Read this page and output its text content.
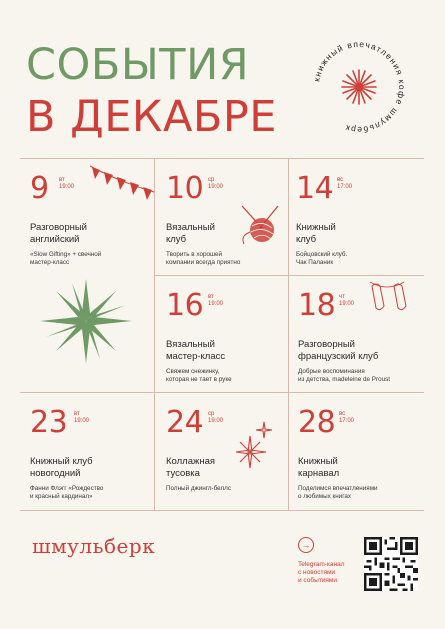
СОБЫТИЯ
В ДЕКАБРЕ
книжный впечатления кофе шмульберк
9 вт
19:00
Разговорный
английский
«Slow Gifting» + свечной
мастер-класс
10 ср
19:00
Вязальный
клуб
Творить в хорошей
компании всегда приятно
14 вс
17:00
Книжный
клуб
Бойцовский клуб.
Чак Паланик
16 вт
19:00
Вязальный
мастер-класс
Свяжем снежинку,
которая не тает в руке
18 чт
19:00
Разговорный
французский клуб
Добрые воспоминания
из детства, madeleine de Proust
23 вт
19:00
Книжный клуб
новогодний
Фанни Флэгг «Рождество
и красный кардинал»
24 ср
19:00
Коллажная
тусовка
Полный джингл-беллс
28 вс
17:00
Книжный
карнавал
Поделимся впечатлениями
о любимых книгах
шмульберк	→
Telegram-канал
с новостями
и событиями
